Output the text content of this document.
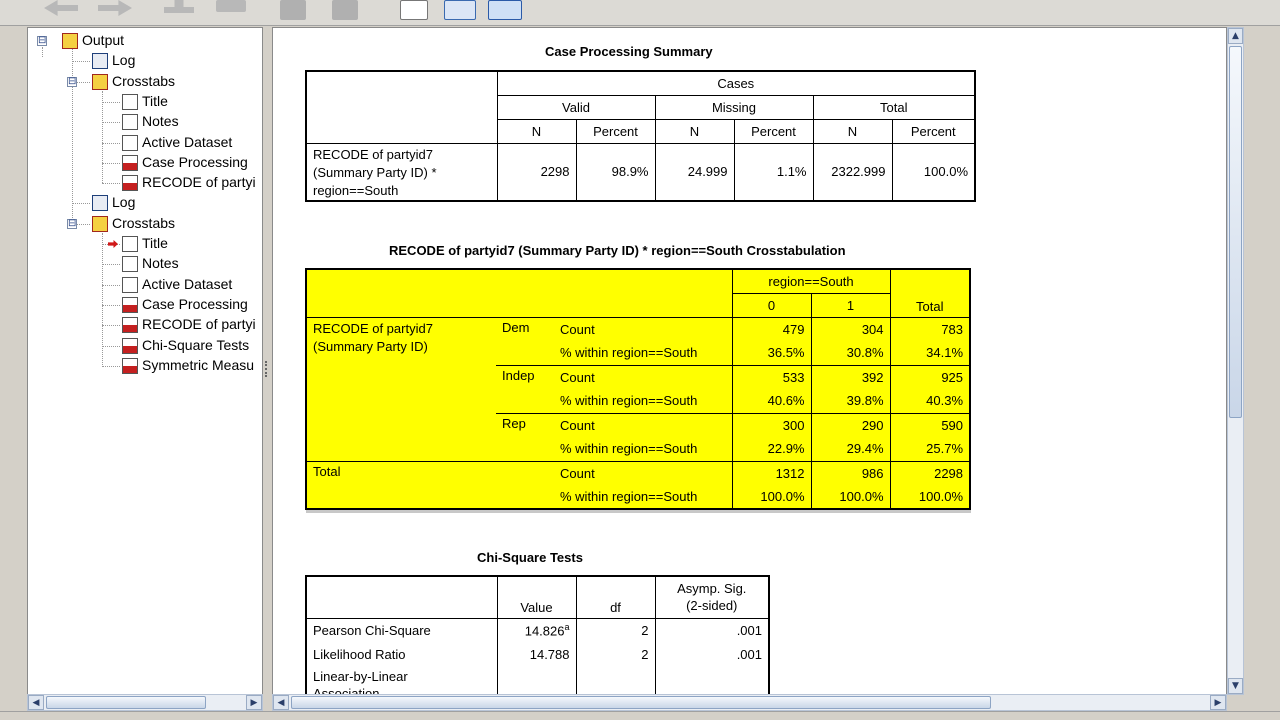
Output
⊟
Log
Crosstabs
⊟
Title
Notes
Active Dataset
Case Processing
RECODE of partyi
Log
Crosstabs
⊟
Title
Notes
Active Dataset
Case Processing
RECODE of partyi
Chi-Square Tests
Symmetric Measu
Case Processing Summary
	Cases					
	Valid		Missing		Total	
	N	Percent	N	Percent	N	Percent
RECODE of partyid7
(Summary Party ID) *
region==South	2298	98.9%	24.999	1.1%	2322.999	100.0%
RECODE of partyid7 (Summary Party ID) * region==South Crosstabulation
			region==South		Total
			0	1	
RECODE of partyid7
(Summary Party ID)	Dem	Count	479	304	783
		% within region==South	36.5%	30.8%	34.1%
	Indep	Count	533	392	925
		% within region==South	40.6%	39.8%	40.3%
	Rep	Count	300	290	590
		% within region==South	22.9%	29.4%	25.7%
Total		Count	1312	986	2298
		% within region==South	100.0%	100.0%	100.0%
Chi-Square Tests
	Value	df	Asymp. Sig.
(2-sided)
Pearson Chi-Square	14.826$^a$	2	.001
Likelihood Ratio	14.788	2	.001
Linear-by-Linear

▲
▼
◀	▶
◀	▶
